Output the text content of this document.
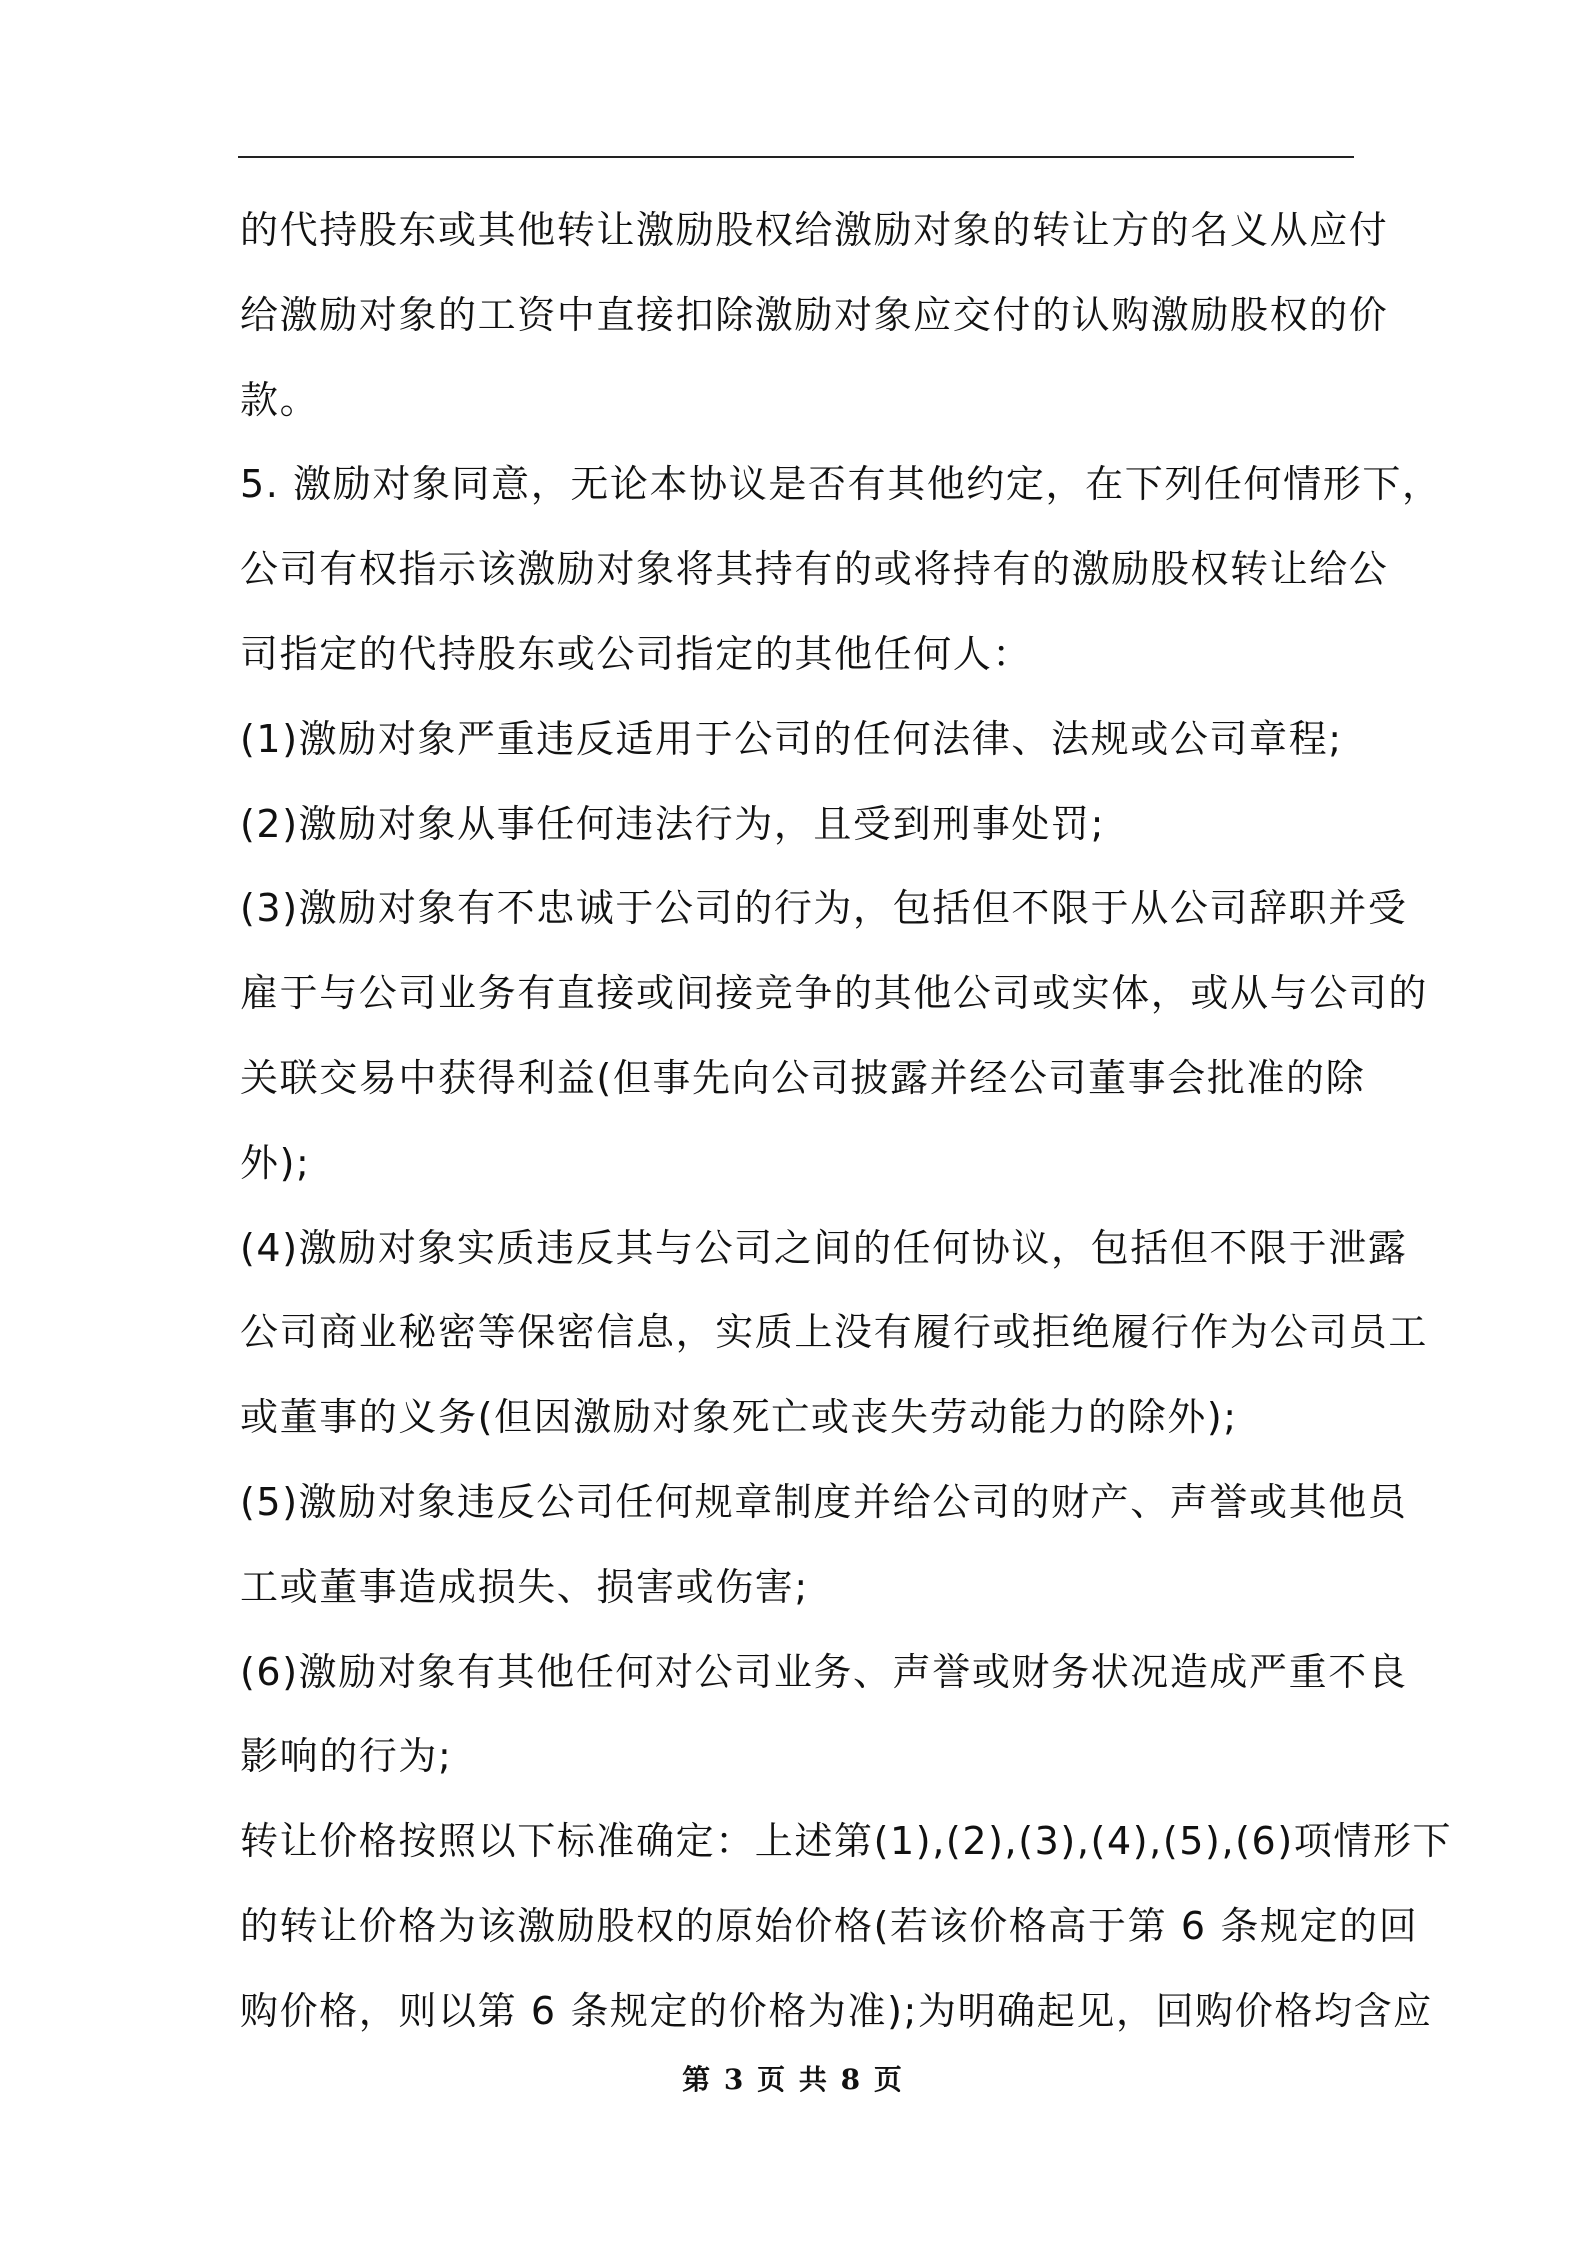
的代持股东或其他转让激励股权给激励对象的转让方的名义从应付
给激励对象的工资中直接扣除激励对象应交付的认购激励股权的价
款。
5. 激励对象同意，无论本协议是否有其他约定，在下列任何情形下，
公司有权指示该激励对象将其持有的或将持有的激励股权转让给公
司指定的代持股东或公司指定的其他任何人：
(1)激励对象严重违反适用于公司的任何法律、法规或公司章程;
(2)激励对象从事任何违法行为，且受到刑事处罚;
(3)激励对象有不忠诚于公司的行为，包括但不限于从公司辞职并受
雇于与公司业务有直接或间接竞争的其他公司或实体，或从与公司的
关联交易中获得利益(但事先向公司披露并经公司董事会批准的除
外);
(4)激励对象实质违反其与公司之间的任何协议，包括但不限于泄露
公司商业秘密等保密信息，实质上没有履行或拒绝履行作为公司员工
或董事的义务(但因激励对象死亡或丧失劳动能力的除外);
(5)激励对象违反公司任何规章制度并给公司的财产、声誉或其他员
工或董事造成损失、损害或伤害;
(6)激励对象有其他任何对公司业务、声誉或财务状况造成严重不良
影响的行为;
转让价格按照以下标准确定：上述第(1),(2),(3),(4),(5),(6)项情形下
的转让价格为该激励股权的原始价格(若该价格高于第 6 条规定的回
购价格，则以第 6 条规定的价格为准);为明确起见，回购价格均含应
第 3 页 共 8 页
